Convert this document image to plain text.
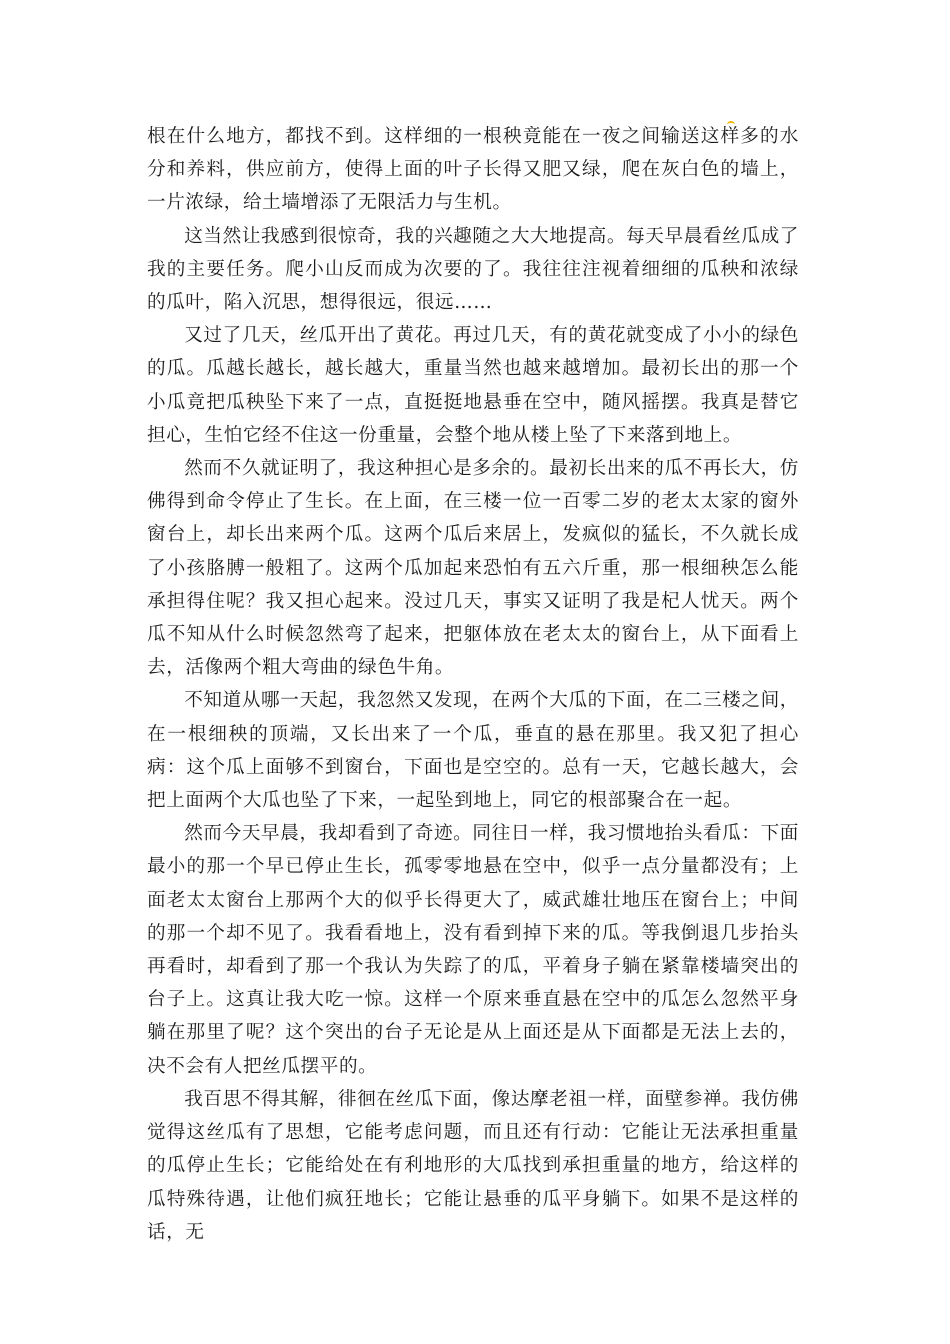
根在什么地方，都找不到。这样细的一根秧竟能在一夜之间输送这样多的水分和养料，供应前方，使得上面的叶子长得又肥又绿，爬在灰白色的墙上，一片浓绿，给土墙增添了无限活力与生机。

这当然让我感到很惊奇，我的兴趣随之大大地提高。每天早晨看丝瓜成了我的主要任务。爬小山反而成为次要的了。我往往注视着细细的瓜秧和浓绿的瓜叶，陷入沉思，想得很远，很远……

又过了几天，丝瓜开出了黄花。再过几天，有的黄花就变成了小小的绿色的瓜。瓜越长越长，越长越大，重量当然也越来越增加。最初长出的那一个小瓜竟把瓜秧坠下来了一点，直挺挺地悬垂在空中，随风摇摆。我真是替它担心，生怕它经不住这一份重量，会整个地从楼上坠了下来落到地上。

然而不久就证明了，我这种担心是多余的。最初长出来的瓜不再长大，仿佛得到命令停止了生长。在上面，在三楼一位一百零二岁的老太太家的窗外窗台上，却长出来两个瓜。这两个瓜后来居上，发疯似的猛长，不久就长成了小孩胳膊一般粗了。这两个瓜加起来恐怕有五六斤重，那一根细秧怎么能承担得住呢？我又担心起来。没过几天，事实又证明了我是杞人忧天。两个瓜不知从什么时候忽然弯了起来，把躯体放在老太太的窗台上，从下面看上去，活像两个粗大弯曲的绿色牛角。

不知道从哪一天起，我忽然又发现，在两个大瓜的下面，在二三楼之间，在一根细秧的顶端，又长出来了一个瓜，垂直的悬在那里。我又犯了担心病：这个瓜上面够不到窗台，下面也是空空的。总有一天，它越长越大，会把上面两个大瓜也坠了下来，一起坠到地上，同它的根部聚合在一起。

然而今天早晨，我却看到了奇迹。同往日一样，我习惯地抬头看瓜：下面最小的那一个早已停止生长，孤零零地悬在空中，似乎一点分量都没有；上面老太太窗台上那两个大的似乎长得更大了，威武雄壮地压在窗台上；中间的那一个却不见了。我看看地上，没有看到掉下来的瓜。等我倒退几步抬头再看时，却看到了那一个我认为失踪了的瓜，平着身子躺在紧靠楼墙突出的台子上。这真让我大吃一惊。这样一个原来垂直悬在空中的瓜怎么忽然平身躺在那里了呢？这个突出的台子无论是从上面还是从下面都是无法上去的，决不会有人把丝瓜摆平的。

我百思不得其解，徘徊在丝瓜下面，像达摩老祖一样，面壁参禅。我仿佛觉得这丝瓜有了思想，它能考虑问题，而且还有行动：它能让无法承担重量的瓜停止生长；它能给处在有利地形的大瓜找到承担重量的地方，给这样的瓜特殊待遇，让他们疯狂地长；它能让悬垂的瓜平身躺下。如果不是这样的话，无
